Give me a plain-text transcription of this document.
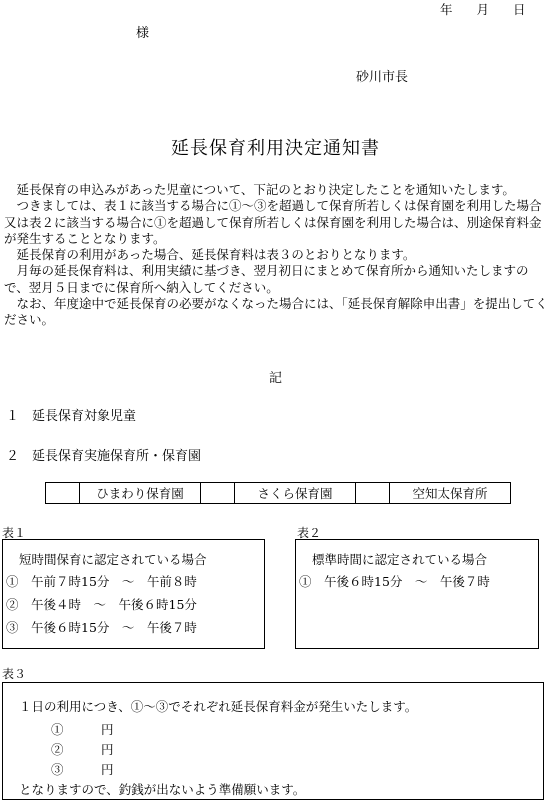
年 月 日
様
砂川市長
延長保育利用決定通知書

　延長保育の申込みがあった児童について、下記のとおり決定したことを通知いたします。

　つきましては、表１に該当する場合に①～③を超過して保育所若しくは保育園を利用した場合又は表２に該当する場合に①を超過して保育所若しくは保育園を利用した場合は、別途保育料金が発生することとなります。

　延長保育の利用があった場合、延長保育料は表３のとおりとなります。

　月毎の延長保育料は、利用実績に基づき、翌月初日にまとめて保育所から通知いたしますので、翌月５日までに保育所へ納入してください。

　なお、年度途中で延長保育の必要がなくなった場合には、「延長保育解除申出書」を提出してください。

記
１ 延長保育対象児童
２ 延長保育実施保育所・保育園
	ひまわり保育園		さくら保育園		空知太保育所
表１
短時間保育に認定されている場合
①　午前７時15分　～　午前８時
②　午後４時　～　午後６時15分
③　午後６時15分　～　午後７時
表２
標準時間に認定されている場合
①　午後６時15分　～　午後７時
表３
１日の利用につき、①～③でそれぞれ延長保育料金が発生いたします。
①　　　円
②　　　円
③　　　円
となりますので、釣銭が出ないよう準備願います。
